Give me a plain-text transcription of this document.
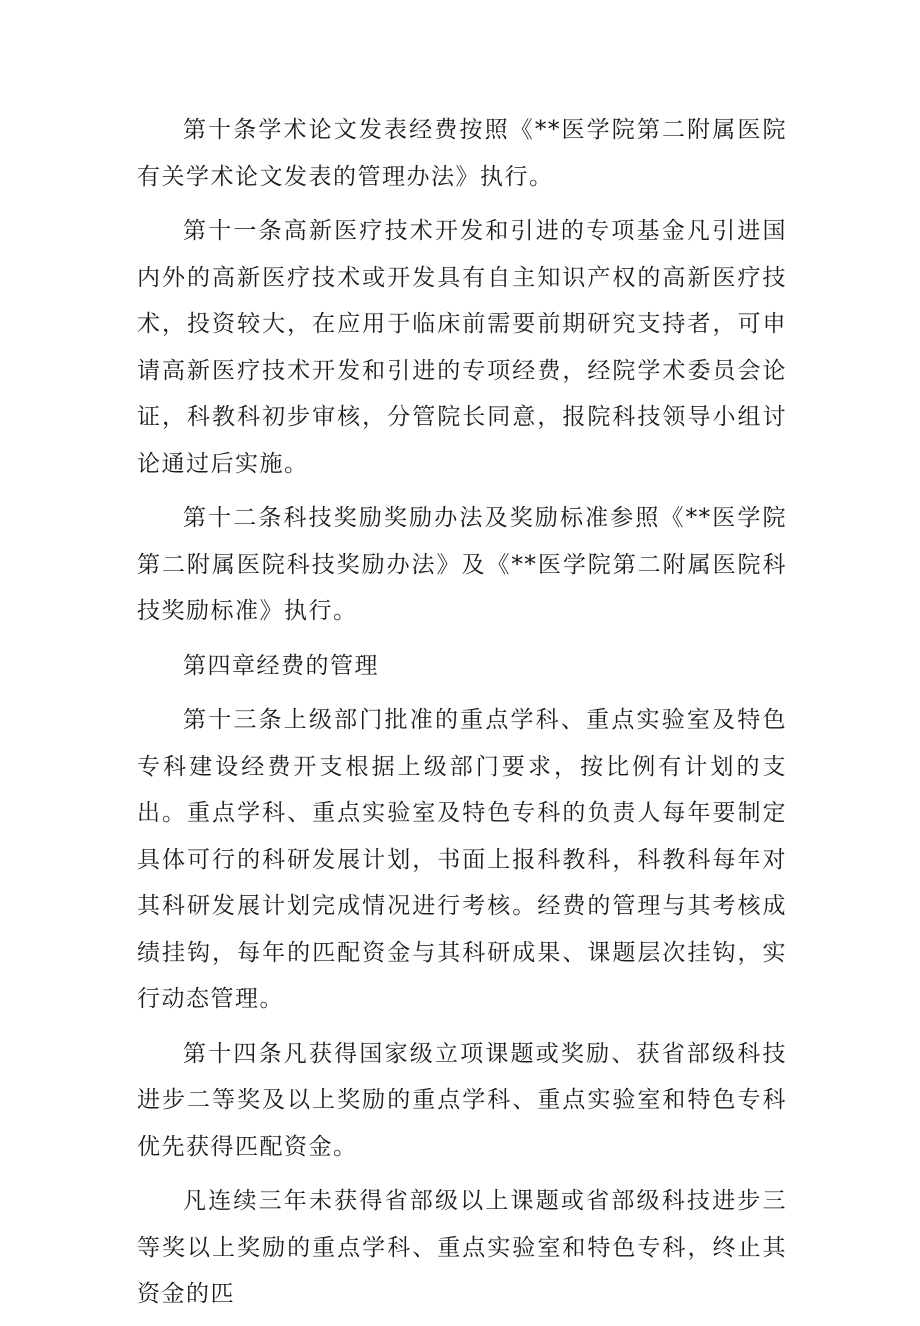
第十条学术论文发表经费按照《**医学院第二附属医院有关学术论文发表的管理办法》执行。

第十一条高新医疗技术开发和引进的专项基金凡引进国内外的高新医疗技术或开发具有自主知识产权的高新医疗技术，投资较大，在应用于临床前需要前期研究支持者，可申请高新医疗技术开发和引进的专项经费，经院学术委员会论证，科教科初步审核，分管院长同意，报院科技领导小组讨论通过后实施。

第十二条科技奖励奖励办法及奖励标准参照《**医学院第二附属医院科技奖励办法》及《**医学院第二附属医院科技奖励标准》执行。

第四章经费的管理

第十三条上级部门批准的重点学科、重点实验室及特色专科建设经费开支根据上级部门要求，按比例有计划的支出。重点学科、重点实验室及特色专科的负责人每年要制定具体可行的科研发展计划，书面上报科教科，科教科每年对其科研发展计划完成情况进行考核。经费的管理与其考核成绩挂钩，每年的匹配资金与其科研成果、课题层次挂钩，实行动态管理。

第十四条凡获得国家级立项课题或奖励、获省部级科技进步二等奖及以上奖励的重点学科、重点实验室和特色专科优先获得匹配资金。

凡连续三年未获得省部级以上课题或省部级科技进步三等奖以上奖励的重点学科、重点实验室和特色专科，终止其资金的匹
